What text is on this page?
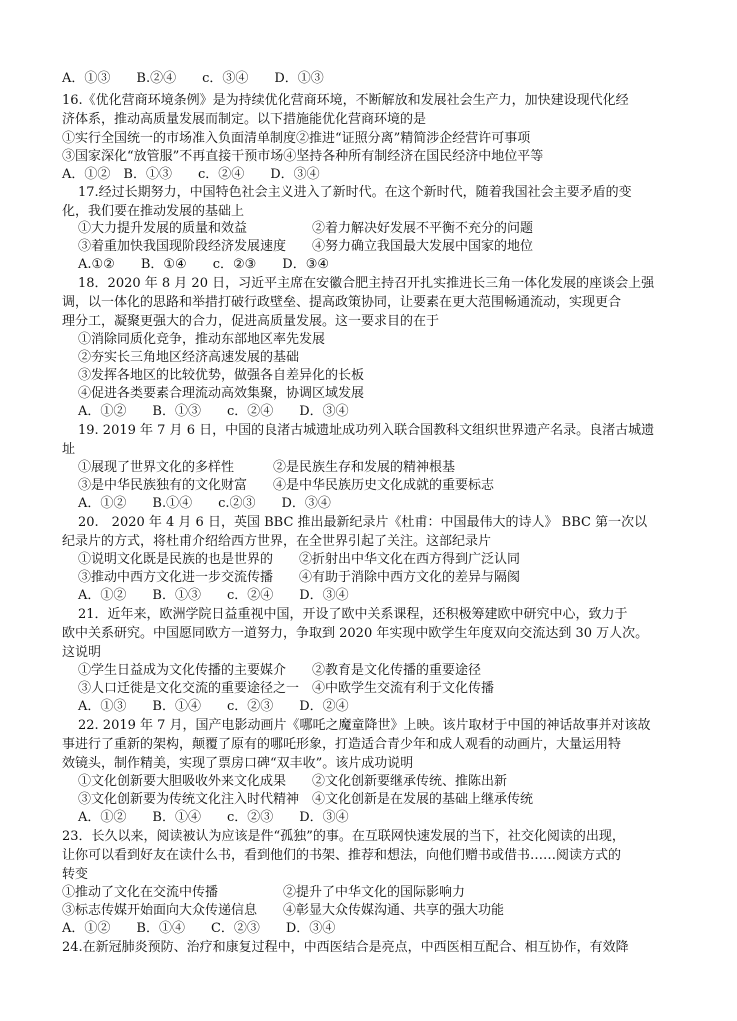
A．①③　　B.②④　　c．③④　　D．①③
16.《优化营商环境条例》是为持续优化营商环境，不断解放和发展社会生产力，加快建设现代化经
济体系，推动高质量发展而制定。以下措施能优化营商环境的是
①实行全国统一的市场准入负面清单制度②推进“证照分离”精简涉企经营许可事项
③国家深化“放管服”不再直接干预市场④坚持各种所有制经济在国民经济中地位平等
A．①②　B．①③　　c．②④　　D．③④
17.经过长期努力，中国特色社会主义进入了新时代。在这个新时代，随着我国社会主要矛盾的变
化，我们要在推动发展的基础上
①大力提升发展的质量和效益　　　　　②着力解决好发展不平衡不充分的问题
③着重加快我国现阶段经济发展速度　　④努力确立我国最大发展中国家的地位
A.①②　　B．①④　　c．②③　　D．③④
18．2020 年 8 月 20 日，习近平主席在安徽合肥主持召开扎实推进长三角一体化发展的座谈会上强
调，以一体化的思路和举措打破行政壁垒、提高政策协同，让要素在更大范围畅通流动，实现更合
理分工，凝聚更强大的合力，促进高质量发展。这一要求目的在于
①消除同质化竞争，推动东部地区率先发展
②夯实长三角地区经济高速发展的基础
③发挥各地区的比较优势，做强各自差异化的长板
④促进各类要素合理流动高效集聚，协调区域发展
A．①②　　B．①③　　c．②④　　D．③④
19. 2019 年 7 月 6 日，中国的良渚古城遗址成功列入联合国教科文组织世界遗产名录。良渚古城遗
址
①展现了世界文化的多样性　　　②是民族生存和发展的精神根基
③是中华民族独有的文化财富　　④是中华民族历史文化成就的重要标志
A．①②　　B.①④　　c.②③　　D．③④
20.　2020 年 4 月 6 日，英国 BBC 推出最新纪录片《杜甫：中国最伟大的诗人》 BBC 第一次以
纪录片的方式，将杜甫介绍给西方世界，在全世界引起了关注。这部纪录片
①说明文化既是民族的也是世界的　　②折射出中华文化在西方得到广泛认同
③推动中西方文化进一步交流传播　　④有助于消除中西方文化的差异与隔阂
A．①②　　B．①③　　c．②④　　D．③④
21．近年来，欧洲学院日益重视中国，开设了欧中关系课程，还积极筹建欧中研究中心，致力于
欧中关系研究。中国愿同欧方一道努力，争取到 2020 年实现中欧学生年度双向交流达到 30 万人次。
这说明
①学生日益成为文化传播的主要媒介　　②教育是文化传播的重要途径
③人口迁徙是文化交流的重要途径之一　④中欧学生交流有利于文化传播
A．①③　　B．①④　　c．②③　　D．②④
22. 2019 年 7 月，国产电影动画片《哪吒之魔童降世》上映。该片取材于中国的神话故事并对该故
事进行了重新的架构，颠覆了原有的哪吒形象，打造适合青少年和成人观看的动画片，大量运用特
效镜头，制作精美，实现了票房口碑“双丰收”。该片成功说明
①文化创新要大胆吸收外来文化成果　　②文化创新要继承传统、推陈出新
③文化创新要为传统文化注入时代精神　④文化创新是在发展的基础上继承传统
A．①②　　B．①④　　c．②③　　D．③④
23．长久以来，阅读被认为应该是件“孤独”的事。在互联网快速发展的当下，社交化阅读的出现，
让你可以看到好友在读什么书，看到他们的书架、推荐和想法，向他们赠书或借书……阅读方式的
转变
①推动了文化在交流中传播　　　　　②提升了中华文化的国际影响力
③标志传媒开始面向大众传递信息　　④彰显大众传媒沟通、共享的强大功能
A．①②　　B．①④　　C．②③　　D．③④
24.在新冠肺炎预防、治疗和康复过程中，中西医结合是亮点，中西医相互配合、相互协作，有效降
